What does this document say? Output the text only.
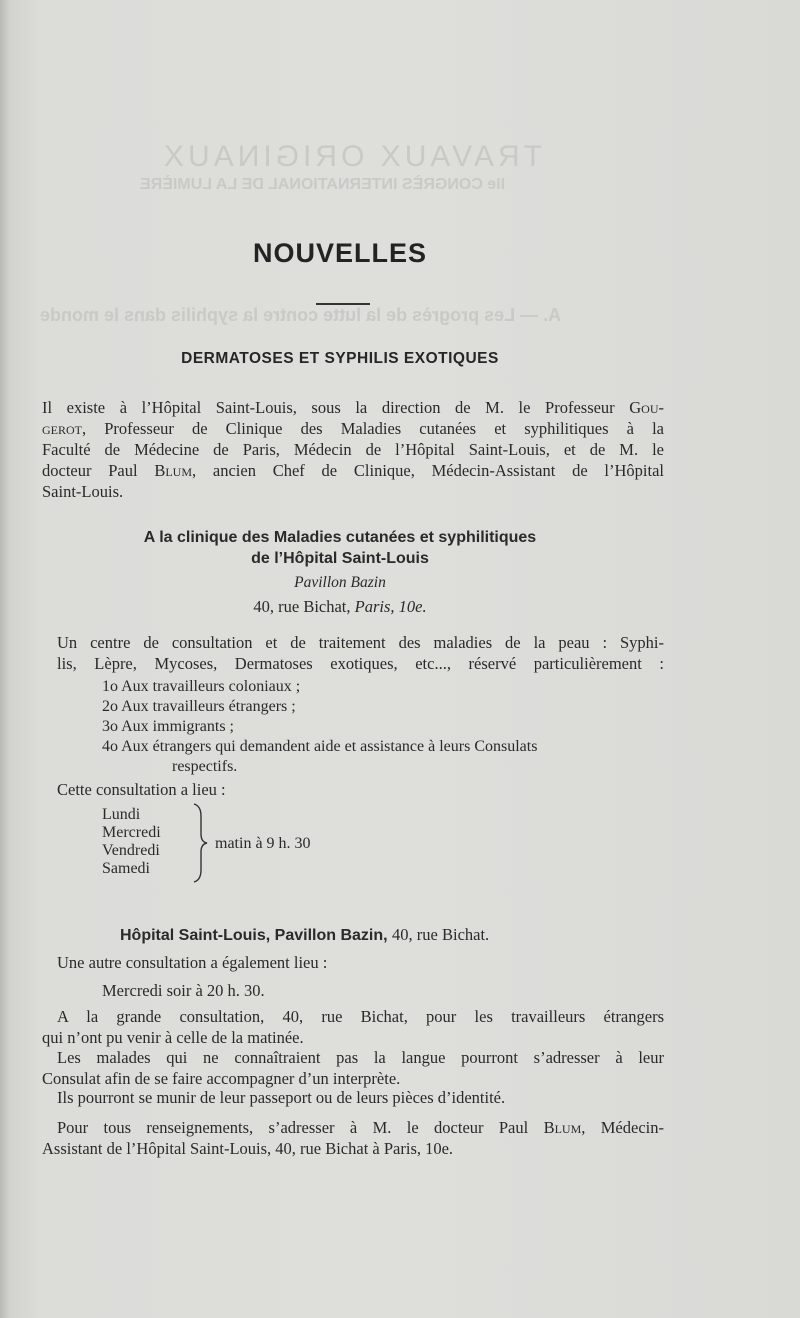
TRAVAUX ORIGINAUX
IIe CONGRÈS INTERNATIONAL DE LA LUMIÈRE
A. — Les progrès de la lutte contre la syphilis dans le monde
NOUVELLES
DERMATOSES ET SYPHILIS EXOTIQUES
Il existe à l’Hôpital Saint-Louis, sous la direction de M. le Professeur Gou-
gerot, Professeur de Clinique des Maladies cutanées et syphilitiques à la
Faculté de Médecine de Paris, Médecin de l’Hôpital Saint-Louis, et de M. le
docteur Paul Blum, ancien Chef de Clinique, Médecin-Assistant de l’Hôpital
Saint-Louis.
A la clinique des Maladies cutanées et syphilitiques
de l’Hôpital Saint-Louis
Pavillon Bazin
40, rue Bichat, Paris, 10e.
Un centre de consultation et de traitement des maladies de la peau : Syphi-
lis, Lèpre, Mycoses, Dermatoses exotiques, etc..., réservé particulièrement :
1o Aux travailleurs coloniaux ;
2o Aux travailleurs étrangers ;
3o Aux immigrants ;
4o Aux étrangers qui demandent aide et assistance à leurs Consulats
respectifs.
Cette consultation a lieu :
Lundi
Mercredi
Vendredi
Samedi
matin à 9 h. 30
Hôpital Saint-Louis, Pavillon Bazin, 40, rue Bichat.
Une autre consultation a également lieu :
Mercredi soir à 20 h. 30.
A la grande consultation, 40, rue Bichat, pour les travailleurs étrangers
qui n’ont pu venir à celle de la matinée.
Les malades qui ne connaîtraient pas la langue pourront s’adresser à leur
Consulat afin de se faire accompagner d’un interprète.
Ils pourront se munir de leur passeport ou de leurs pièces d’identité.
Pour tous renseignements, s’adresser à M. le docteur Paul Blum, Médecin-
Assistant de l’Hôpital Saint-Louis, 40, rue Bichat à Paris, 10e.
